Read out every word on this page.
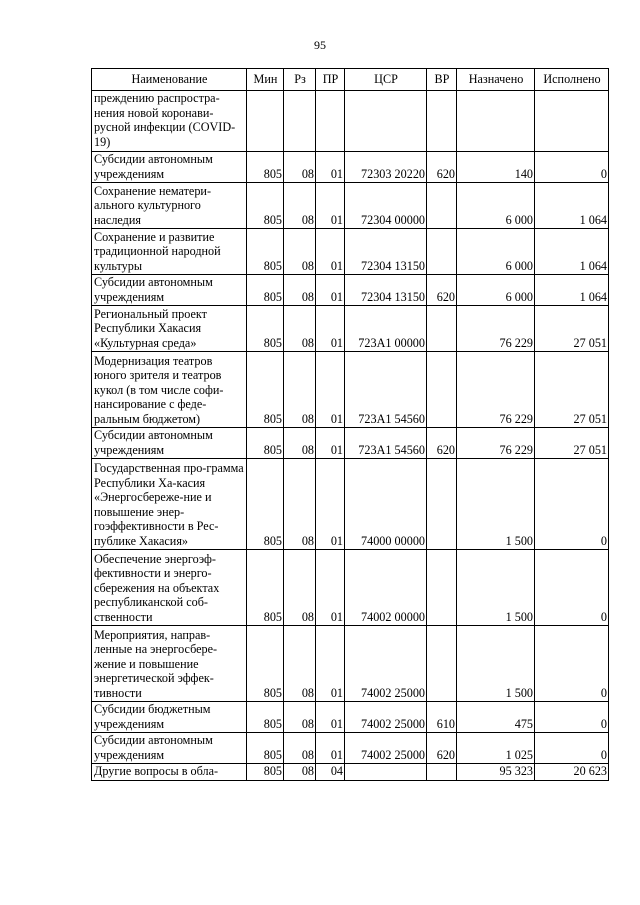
95
Наименование	Мин	Рз	ПР	ЦСР	ВР	Назначено	Исполнено
преждению распростра-нения новой коронави-русной инфекции (COVID-19)							
Субсидии автономным учреждениям	805	08	01	72303 20220	620	140	0
Сохранение нематери-ального культурного наследия	805	08	01	72304 00000		6 000	1 064
Сохранение и развитие традиционной народной культуры	805	08	01	72304 13150		6 000	1 064
Субсидии автономным учреждениям	805	08	01	72304 13150	620	6 000	1 064
Региональный проект Республики Хакасия «Культурная среда»	805	08	01	723А1 00000		76 229	27 051
Модернизация театров юного зрителя и театров кукол (в том числе софи-нансирование с феде-ральным бюджетом)	805	08	01	723А1 54560		76 229	27 051
Субсидии автономным учреждениям	805	08	01	723А1 54560	620	76 229	27 051
Государственная про-грамма Республики Ха-касия «Энергосбереже-ние и повышение энер-гоэффективности в Рес-публике Хакасия»	805	08	01	74000 00000		1 500	0
Обеспечение энергоэф-фективности и энерго-сбережения на объектах республиканской соб-ственности	805	08	01	74002 00000		1 500	0
Мероприятия, направ-ленные на энергосбере-жение и повышение энергетической эффек-тивности	805	08	01	74002 25000		1 500	0
Субсидии бюджетным учреждениям	805	08	01	74002 25000	610	475	0
Субсидии автономным учреждениям	805	08	01	74002 25000	620	1 025	0
Другие вопросы в обла-	805	08	04			95 323	20 623
